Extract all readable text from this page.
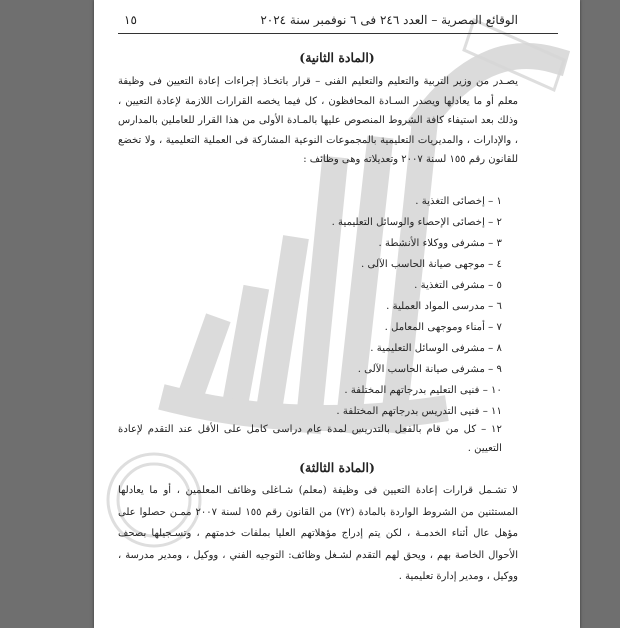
الوقائع المصرية – العدد ٢٤٦ فى ٦ نوفمبر سنة ٢٠٢٤
١٥
(المادة الثانية)
يصـدر من وزير التربية والتعليم والتعليم الفنى – قرار باتخـاذ إجراءات إعادة التعيين فى وظيفة معلم أو ما يعادلها ويصدر السـادة المحافظون ، كل فيما يخصه القرارات اللازمة لإعادة التعيين ، وذلك بعد استيفاء كافة الشروط المنصوص عليها بالمـادة الأولى من هذا القرار للعاملين بالمدارس ، والإدارات ، والمديريات التعليمية بالمجموعات النوعية المشاركة فى العملية التعليمية ، ولا تخضع للقانون رقم ١٥٥ لسنة ٢٠٠٧ وتعديلاته وهى وظائف :
١ – إخصائى التغذية .
٢ – إخصائى الإحصاء والوسائل التعليمية .
٣ – مشرفى ووكلاء الأنشطة .
٤ – موجهى صيانة الحاسب الآلى .
٥ – مشرفى التغذية .
٦ – مدرسى المواد العملية .
٧ – أمناء وموجهى المعامل .
٨ – مشرفى الوسائل التعليمية .
٩ – مشرفى صيانة الحاسب الآلى .
١٠ – فنيى التعليم بدرجاتهم المختلفة .
١١ – فنيى التدريس بدرجاتهم المختلفة .
١٢ – كل من قام بالفعل بالتدريس لمدة عام دراسى كامل على الأقل عند التقدم لإعادة التعيين .
(المادة الثالثة)
لا تشـمل قرارات إعادة التعيين فى وظيفة (معلم) شـاغلى وظائف المعلمين ، أو ما يعادلها المستثنين من الشروط الواردة بالمادة (٧٢) من القانون رقم ١٥٥ لسنة ٢٠٠٧ ممـن حصلوا على مؤهل عال أثناء الخدمـة ، لكن يتم إدراج مؤهلاتهم العليا بملفات خدمتهم ، وتسـجيلها بصحف الأحوال الخاصة بهم ، ويحق لهم التقدم لشـغل وظائف: التوجيه الفني ، ووكيل ، ومدير مدرسة ، ووكيل ، ومدير إدارة تعليمية .
